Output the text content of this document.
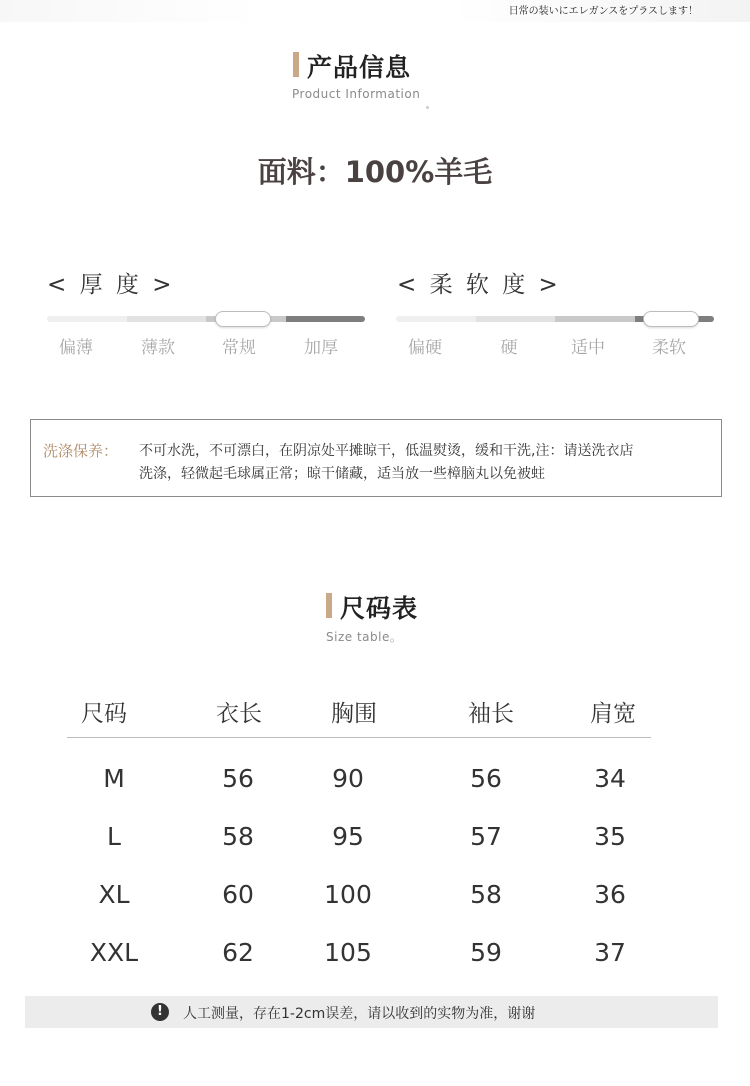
日常の装いにエレガンスをプラスします！
产品信息
Product Information
面料：100%羊毛
< 厚 度 >
偏薄	薄款	常规	加厚
< 柔 软 度 >
偏硬	硬	适中	柔软
洗涤保养： 不可水洗，不可漂白，在阴凉处平摊晾干，低温熨烫，缓和干洗,注：请送洗衣店
洗涤，轻微起毛球属正常；晾干储藏，适当放一些樟脑丸以免被蛀
尺码表
Size table。
尺码	衣长	胸围	袖长	肩宽
M	56	90	56	34
L	58	95	57	35
XL	60	100	58	36
XXL	62	105	59	37
!	人工测量，存在1-2cm误差，请以收到的实物为准，谢谢
